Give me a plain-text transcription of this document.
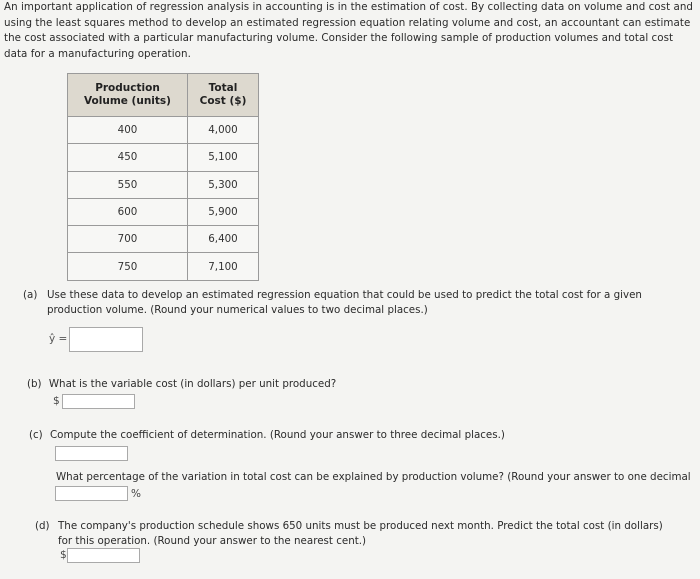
An important application of regression analysis in accounting is in the estimation of cost. By collecting data on volume and cost and using the least squares method to develop an estimated regression equation relating volume and cost, an accountant can estimate the cost associated with a particular manufacturing volume. Consider the following sample of production volumes and total cost data for a manufacturing operation.

Production Volume (units)	Total Cost ($)
400	4,000
450	5,100
550	5,300
600	5,900
700	6,400
750	7,100
(a) Use these data to develop an estimated regression equation that could be used to predict the total cost for a given production volume. (Round your numerical values to two decimal places.)
ŷ =
(b) What is the variable cost (in dollars) per unit produced?
$
(c) Compute the coefficient of determination. (Round your answer to three decimal places.)
What percentage of the variation in total cost can be explained by production volume? (Round your answer to one decimal
%
(d) The company's production schedule shows 650 units must be produced next month. Predict the total cost (in dollars) for this operation. (Round your answer to the nearest cent.)
$
